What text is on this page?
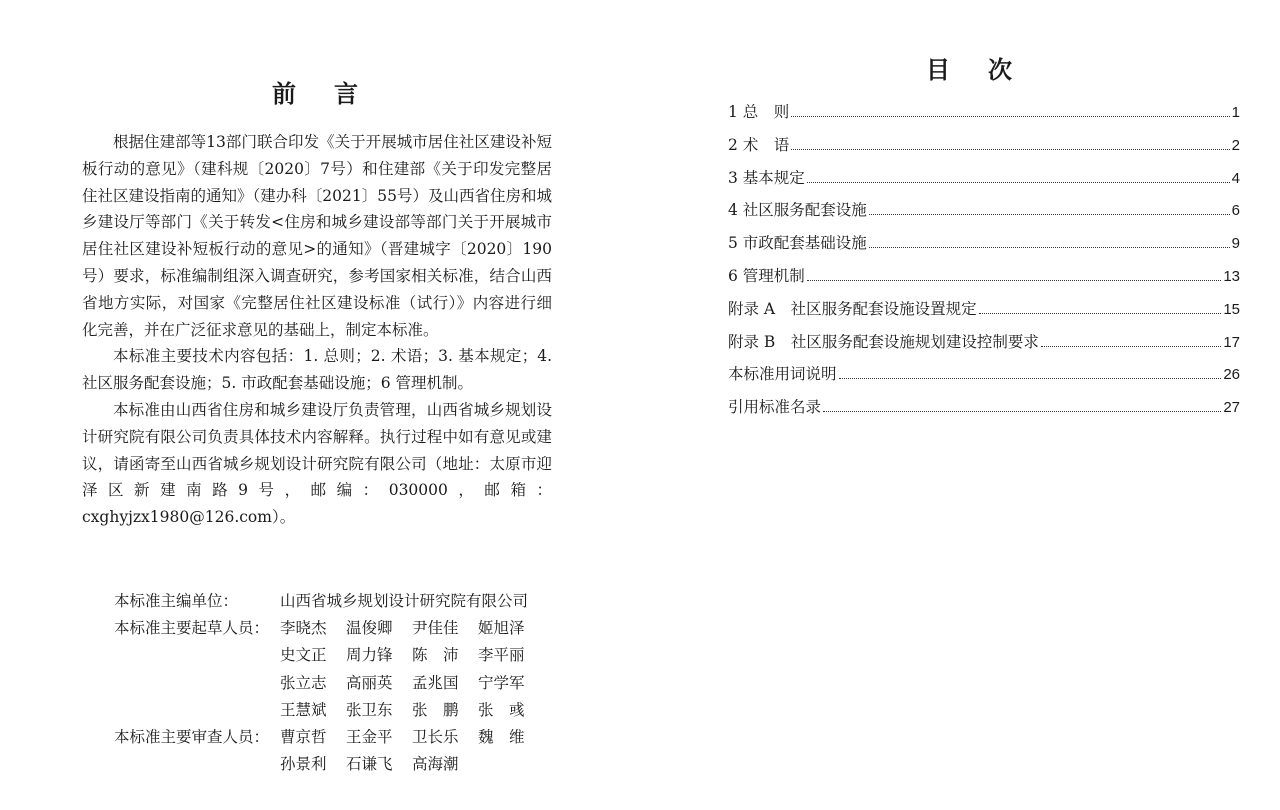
前 言

根据住建部等13部门联合印发《关于开展城市居住社区建设补短板行动的意见》（建科规〔2020〕7号）和住建部《关于印发完整居住社区建设指南的通知》（建办科〔2021〕55号）及山西省住房和城乡建设厅等部门《关于转发<住房和城乡建设部等部门关于开展城市居住社区建设补短板行动的意见>的通知》（晋建城字〔2020〕190号）要求，标准编制组深入调查研究，参考国家相关标准，结合山西省地方实际，对国家《完整居住社区建设标准（试行）》内容进行细化完善，并在广泛征求意见的基础上，制定本标准。

本标准主要技术内容包括：1. 总则；2. 术语；3. 基本规定；4. 社区服务配套设施；5. 市政配套基础设施；6 管理机制。

本标准由山西省住房和城乡建设厅负责管理，山西省城乡规划设计研究院有限公司负责具体技术内容解释。执行过程中如有意见或建议，请函寄至山西省城乡规划设计研究院有限公司（地址：太原市迎泽区新建南路9号，邮编：030000，邮箱：cxghyjzx1980@126.com）。

本标准主编单位：	山西省城乡规划设计研究院有限公司
本标准主要起草人员： 李晓杰	温俊卿	尹佳佳	姬旭泽
史文正	周力锋	陈　沛	李平丽
张立志	高丽英	孟兆国	宁学军
王慧斌	张卫东	张　鹏	张　彧
本标准主要审查人员： 曹京哲	王金平	卫长乐	魏　维
孙景利	石谦飞	高海潮
目 次
1 总　则	1
2 术　语	2
3 基本规定	4
4 社区服务配套设施	6
5 市政配套基础设施	9
6 管理机制	13
附录 A　社区服务配套设施设置规定	15
附录 B　社区服务配套设施规划建设控制要求	17
本标准用词说明	26
引用标准名录	27
